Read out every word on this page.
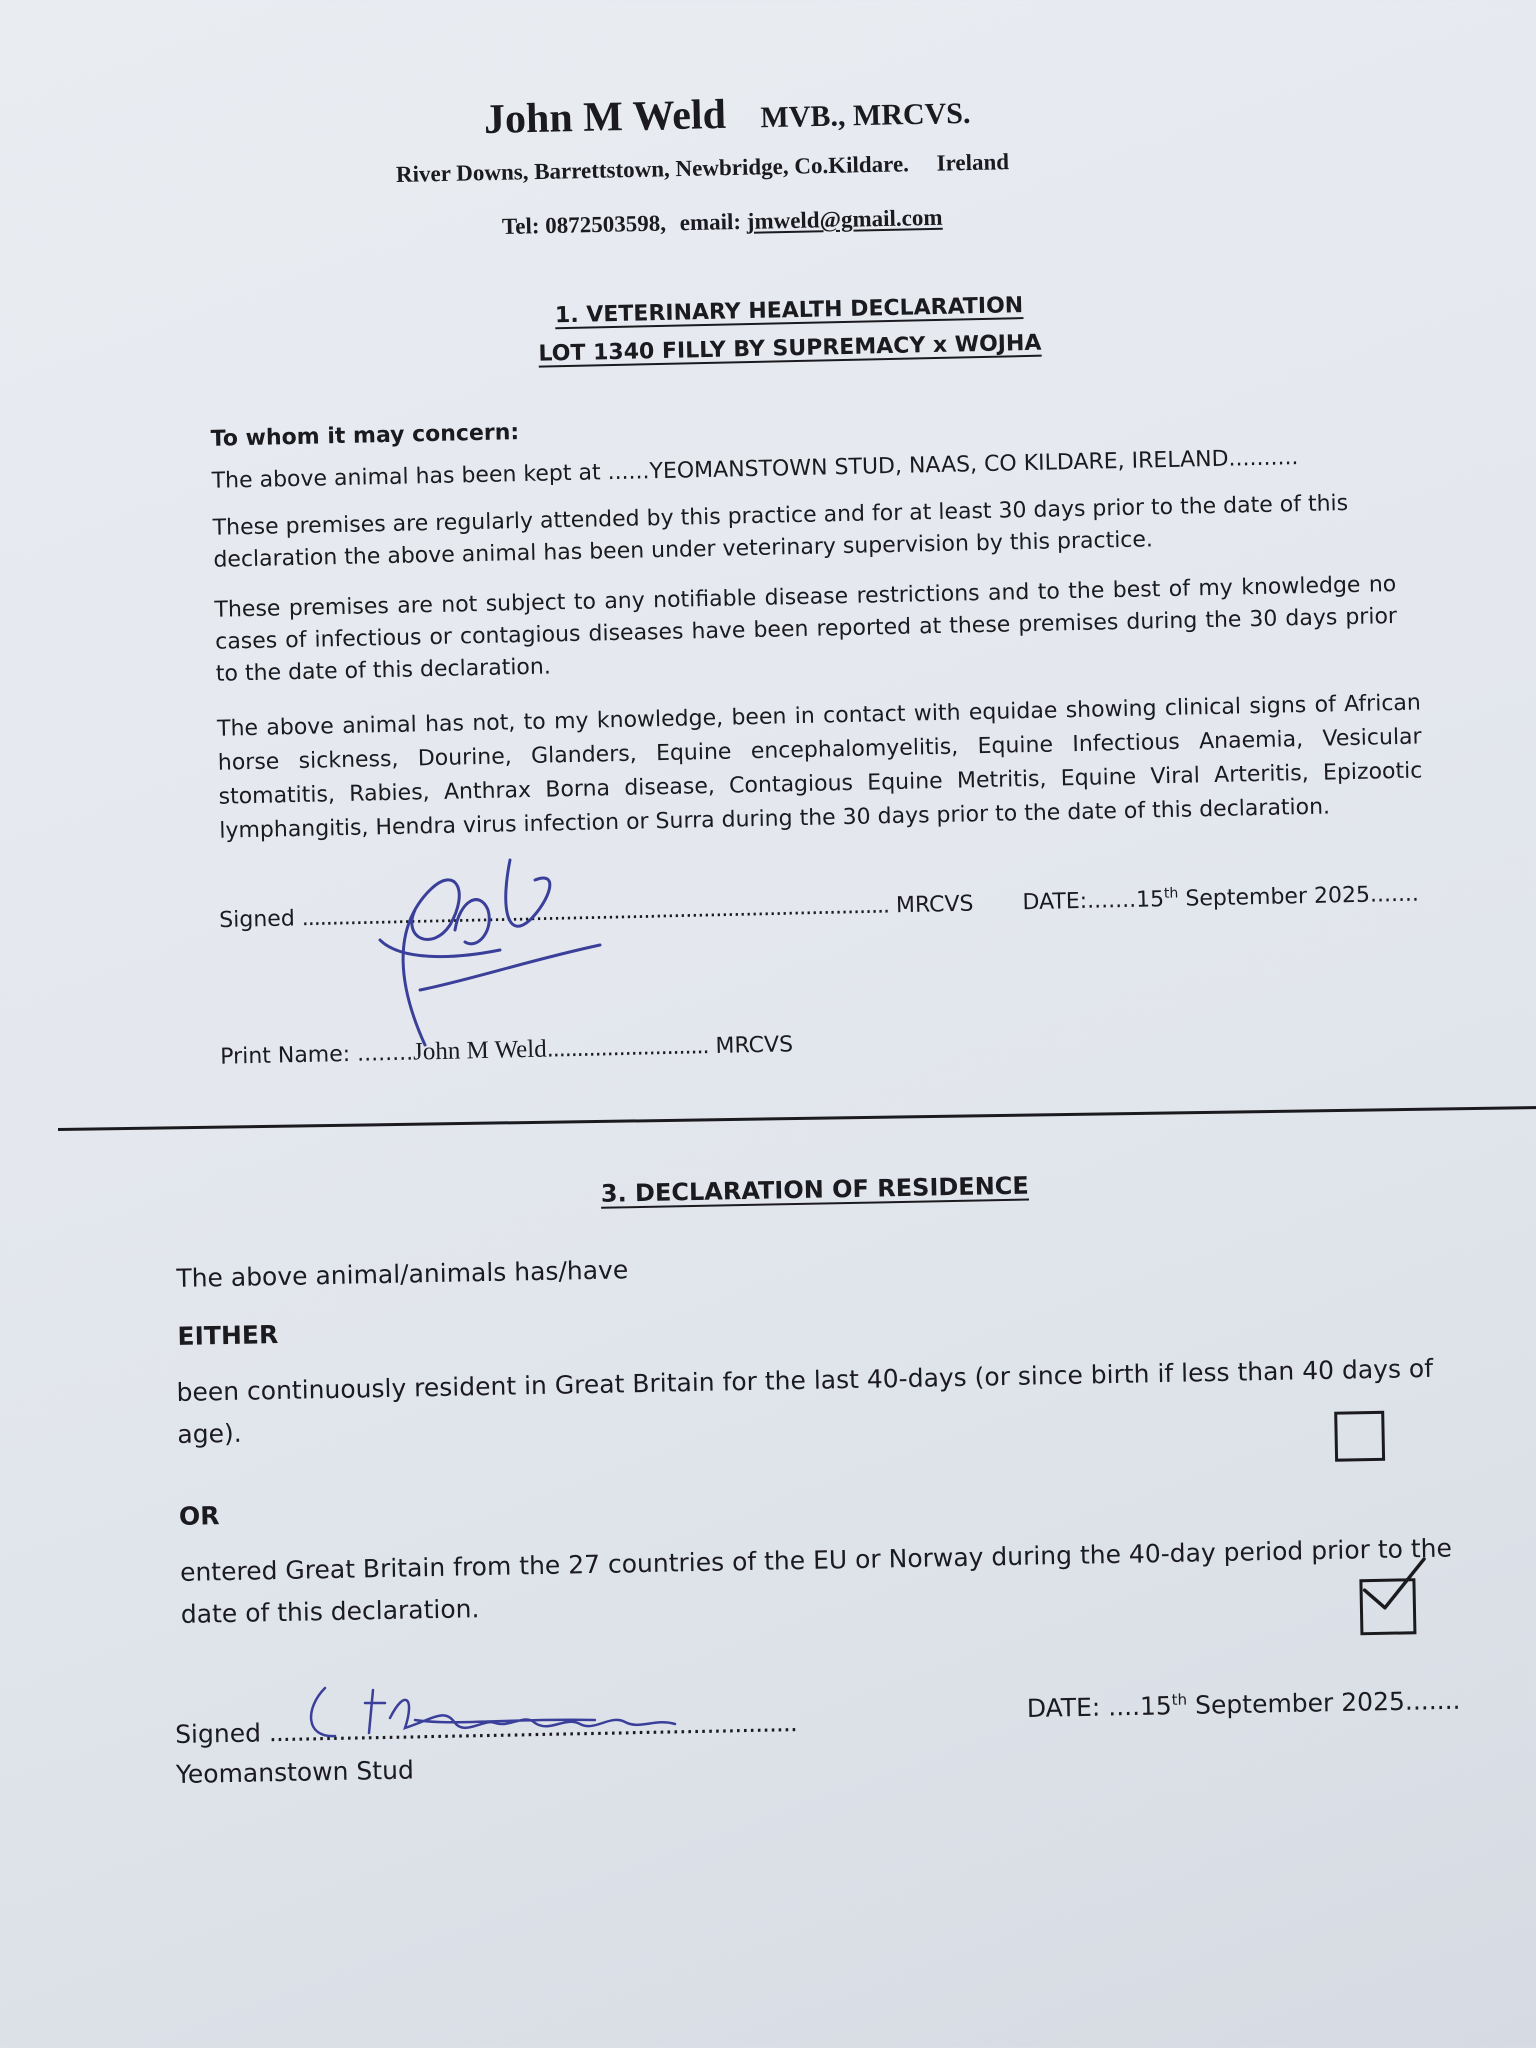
John M Weld MVB., MRCVS.
River Downs, Barrettstown, Newbridge, Co.Kildare. Ireland
Tel: 0872503598, email: jmweld@gmail.com
1. VETERINARY HEALTH DECLARATION
LOT 1340 FILLY BY SUPREMACY x WOJHA
To whom it may concern:
The above animal has been kept at ......YEOMANSTOWN STUD, NAAS, CO KILDARE, IRELAND..........
These premises are regularly attended by this practice and for at least 30 days prior to the date of this declaration the above animal has been under veterinary supervision by this practice.
These premises are not subject to any notifiable disease restrictions and to the best of my knowledge no cases of infectious or contagious diseases have been reported at these premises during the 30 days prior to the date of this declaration.
The above animal has not, to my knowledge, been in contact with equidae showing clinical signs of African horse sickness, Dourine, Glanders, Equine encephalomyelitis, Equine Infectious Anaemia, Vesicular stomatitis, Rabies, Anthrax Borna disease, Contagious Equine Metritis, Equine Viral Arteritis, Epizootic lymphangitis, Hendra virus infection or Surra during the 30 days prior to the date of this declaration.
Signed .................................................................................................. MRCVS DATE:.......15th September 2025.......
Print Name: ........John M Weld........................... MRCVS
3. DECLARATION OF RESIDENCE
The above animal/animals has/have
EITHER
been continuously resident in Great Britain for the last 40-days (or since birth if less than 40 days of age).
OR
entered Great Britain from the 27 countries of the EU or Norway during the 40-day period prior to the date of this declaration.
Signed ............................................................................
DATE: ....15th September 2025.......
Yeomanstown Stud
